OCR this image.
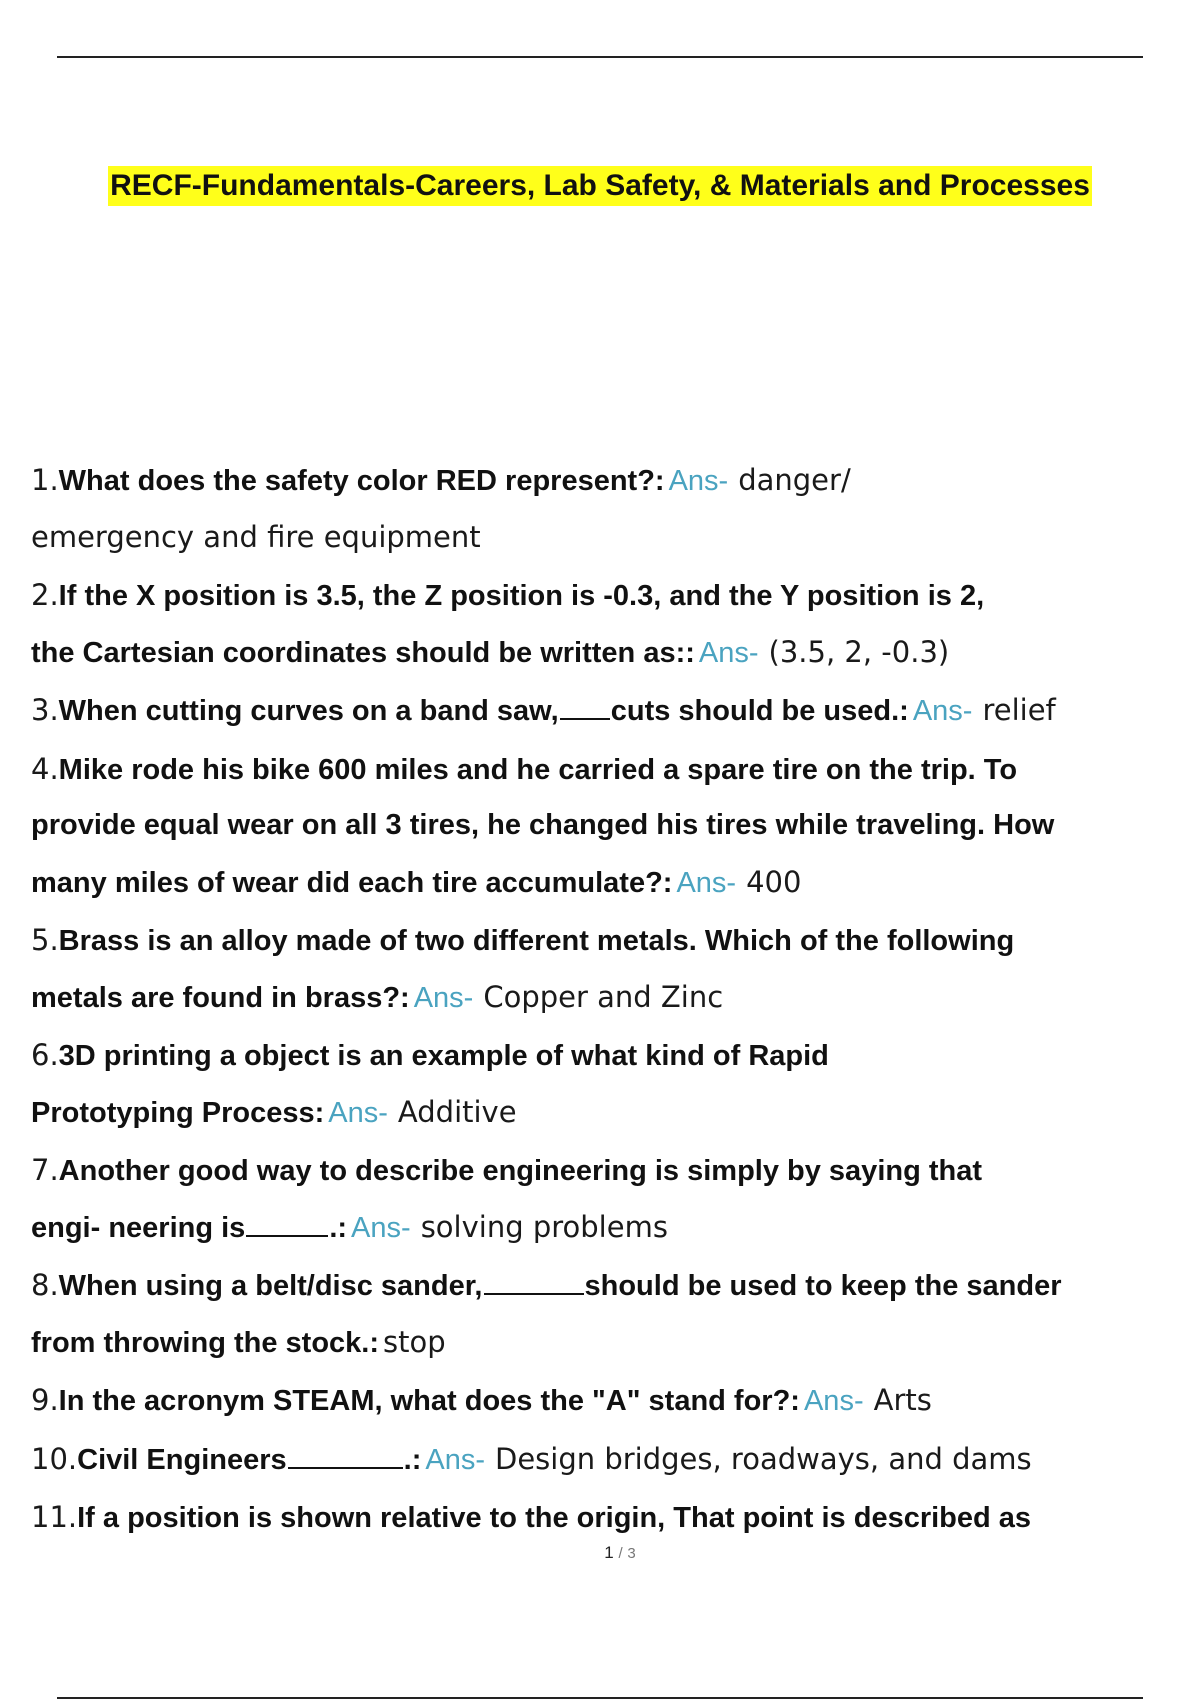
RECF-Fundamentals-Careers, Lab Safety, & Materials and Processes
1.What does the safety color RED represent?: Ans- danger/
emergency and fire equipment
2.If the X position is 3.5, the Z position is -0.3, and the Y position is 2,
the Cartesian coordinates should be written as:: Ans- (3.5, 2, -0.3)
3.When cutting curves on a band saw, cuts should be used.: Ans- relief
4.Mike rode his bike 600 miles and he carried a spare tire on the trip. To
provide equal wear on all 3 tires, he changed his tires while traveling. How
many miles of wear did each tire accumulate?: Ans- 400
5.Brass is an alloy made of two different metals. Which of the following
metals are found in brass?: Ans- Copper and Zinc
6.3D printing a object is an example of what kind of Rapid
Prototyping Process: Ans- Additive
7.Another good way to describe engineering is simply by saying that
engi- neering is	.: Ans- solving problems
8.When using a belt/disc sander,	should be used to keep the sander
from throwing the stock.: stop
9.In the acronym STEAM, what does the "A" stand for?: Ans- Arts
10.Civil Engineers	.: Ans- Design bridges, roadways, and dams
11.If a position is shown relative to the origin, That point is described as
1 / 3
